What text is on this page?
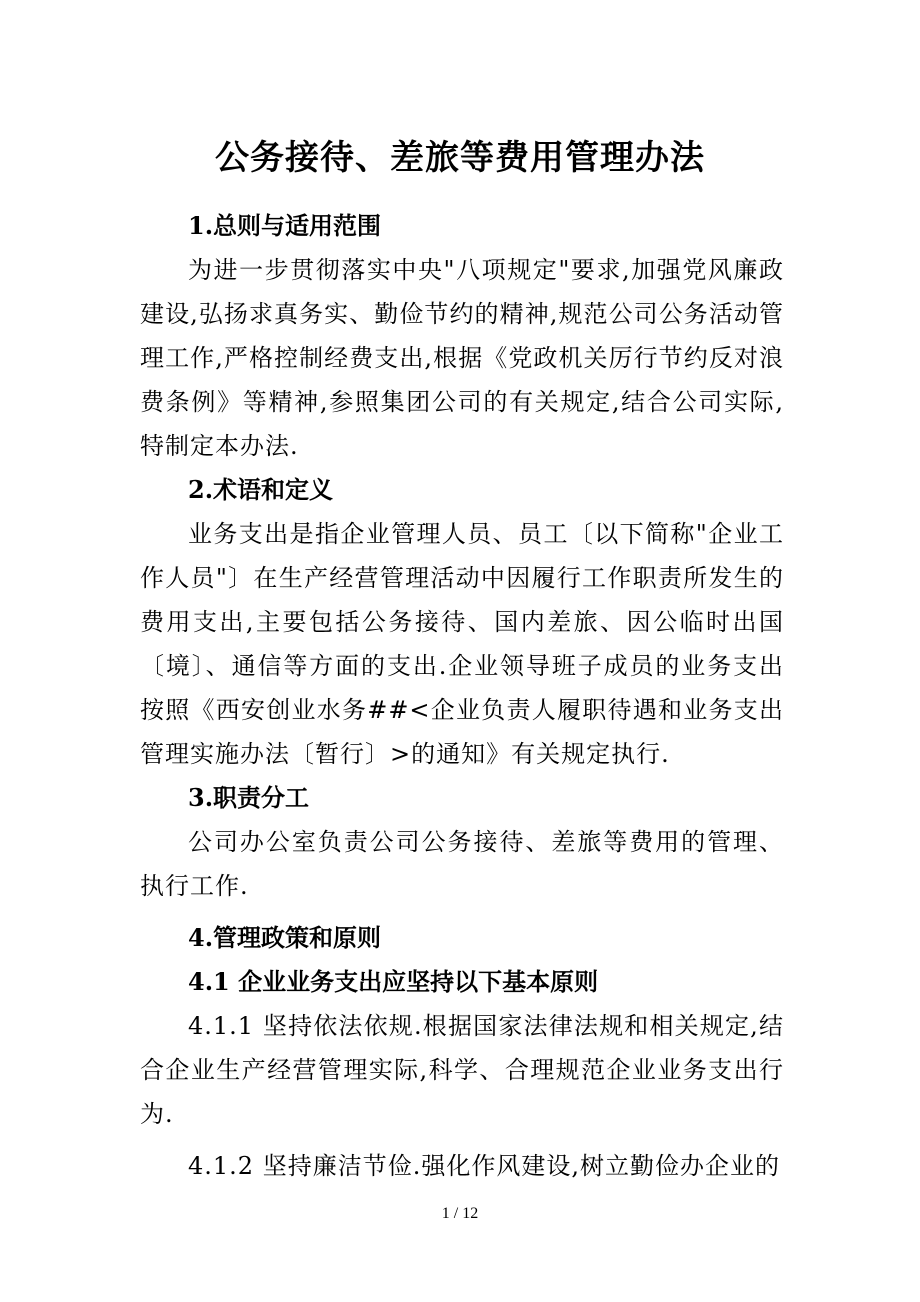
公务接待、差旅等费用管理办法

1.总则与适用范围

为进一步贯彻落实中央"八项规定"要求,加强党风廉政建设,弘扬求真务实、勤俭节约的精神,规范公司公务活动管理工作,严格控制经费支出,根据《党政机关厉行节约反对浪费条例》等精神,参照集团公司的有关规定,结合公司实际,特制定本办法.

2.术语和定义

业务支出是指企业管理人员、员工〔以下简称"企业工作人员"〕在生产经营管理活动中因履行工作职责所发生的费用支出,主要包括公务接待、国内差旅、因公临时出国〔境〕、通信等方面的支出.企业领导班子成员的业务支出按照《西安创业水务##<企业负责人履职待遇和业务支出管理实施办法〔暂行〕>的通知》有关规定执行.

3.职责分工

公司办公室负责公司公务接待、差旅等费用的管理、执行工作.

4.管理政策和原则

4.1 企业业务支出应坚持以下基本原则

4.1.1 坚持依法依规.根据国家法律法规和相关规定,结合企业生产经营管理实际,科学、合理规范企业业务支出行为.

4.1.2 坚持廉洁节俭.强化作风建设,树立勤俭办企业的

1 / 12
